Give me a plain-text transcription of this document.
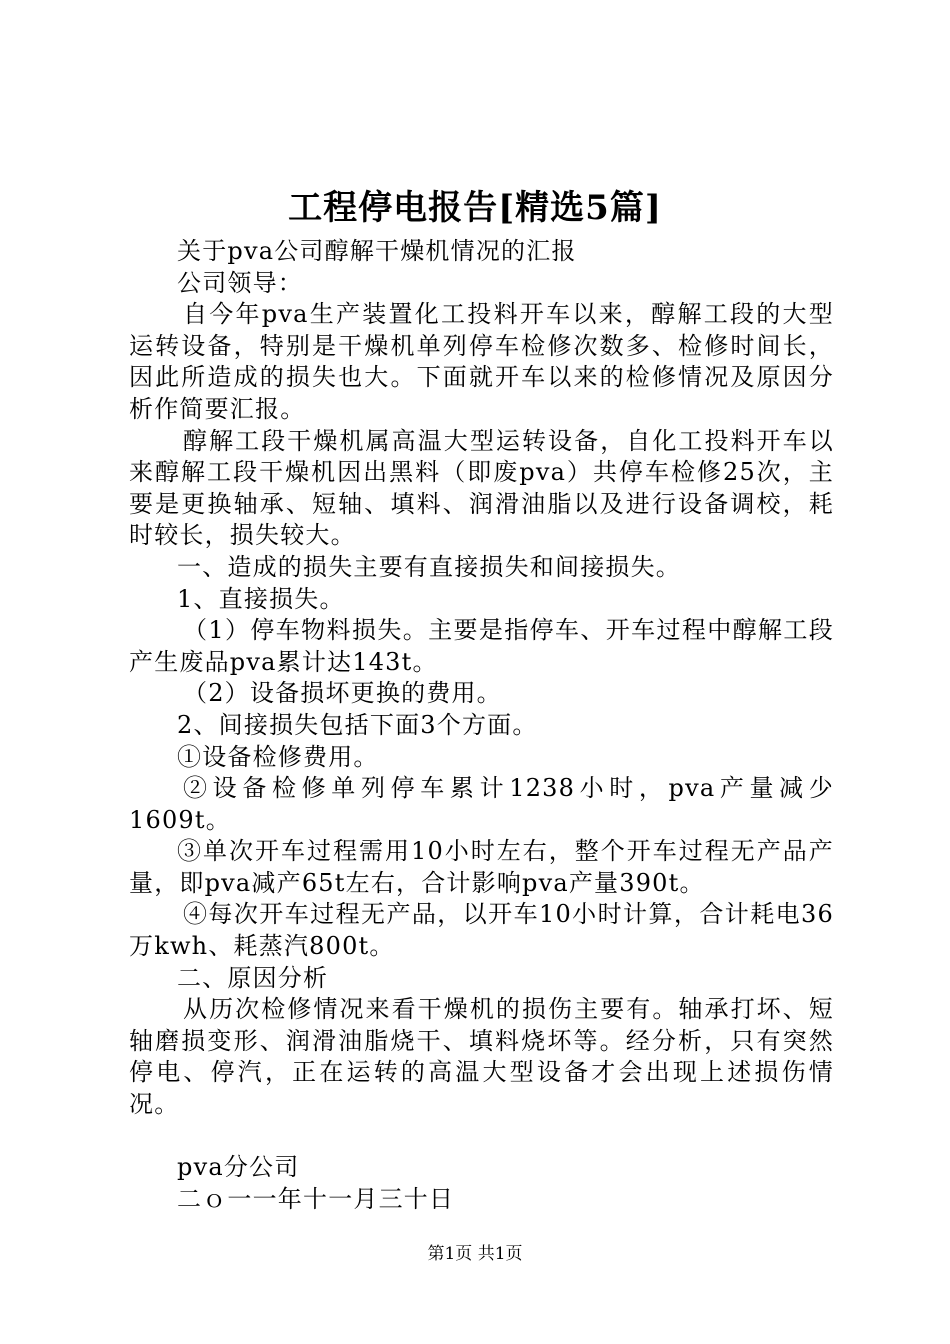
工程停电报告[精选5篇]

关于pva公司醇解干燥机情况的汇报

公司领导：

自今年pva生产装置化工投料开车以来，醇解工段的大型运转设备，特别是干燥机单列停车检修次数多、检修时间长，因此所造成的损失也大。下面就开车以来的检修情况及原因分析作简要汇报。

醇解工段干燥机属高温大型运转设备，自化工投料开车以来醇解工段干燥机因出黑料（即废pva）共停车检修25次，主要是更换轴承、短轴、填料、润滑油脂以及进行设备调校，耗时较长，损失较大。

一、造成的损失主要有直接损失和间接损失。

1、直接损失。

（1）停车物料损失。主要是指停车、开车过程中醇解工段产生废品pva累计达143t。

（2）设备损坏更换的费用。

2、间接损失包括下面3个方面。

①设备检修费用。

②设备检修单列停车累计1238小时，pva产量减少1609t。

③单次开车过程需用10小时左右，整个开车过程无产品产量，即pva减产65t左右，合计影响pva产量390t。

④每次开车过程无产品，以开车10小时计算，合计耗电36万kwh、耗蒸汽800t。

二、原因分析

从历次检修情况来看干燥机的损伤主要有。轴承打坏、短轴磨损变形、润滑油脂烧干、填料烧坏等。经分析，只有突然停电、停汽，正在运转的高温大型设备才会出现上述损伤情况。

pva分公司

二ｏ一一年十一月三十日

第1页 共1页
